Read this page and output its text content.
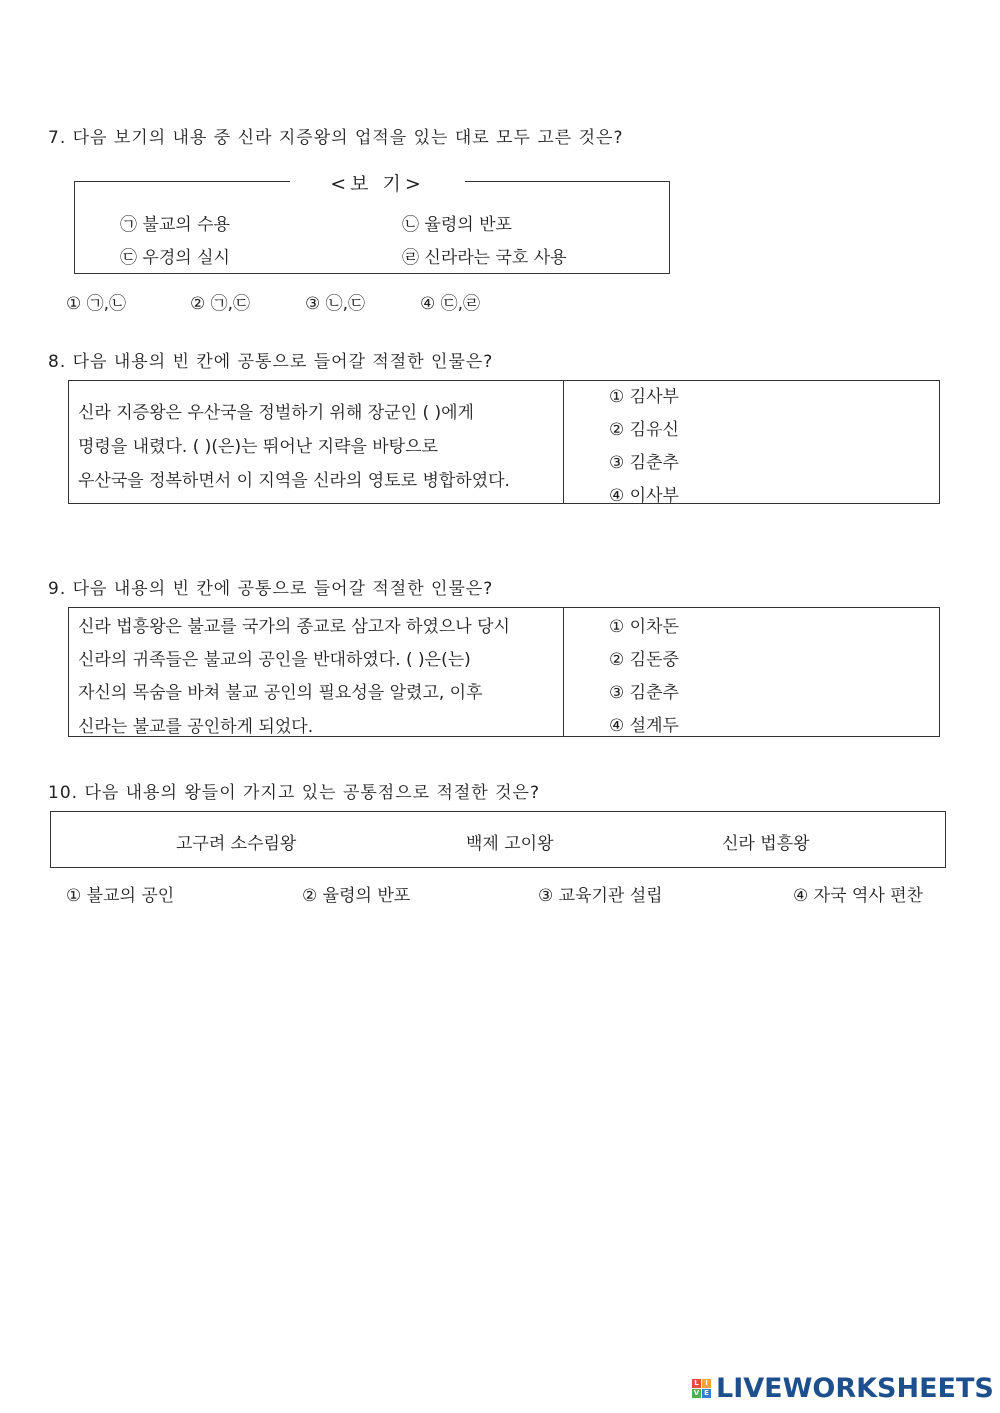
7. 다음 보기의 내용 중 신라 지증왕의 업적을 있는 대로 모두 고른 것은?
<보 기>
㉠ 불교의 수용	㉡ 율령의 반포
㉢ 우경의 실시	㉣ 신라라는 국호 사용
① ㉠,㉡	② ㉠,㉢	③ ㉡,㉢	④ ㉢,㉣
8. 다음 내용의 빈 칸에 공통으로 들어갈 적절한 인물은?
신라 지증왕은 우산국을 정벌하기 위해 장군인 ( )에게
명령을 내렸다. ( )(은)는 뛰어난 지략을 바탕으로
우산국을 정복하면서 이 지역을 신라의 영토로 병합하였다.
① 김사부
② 김유신
③ 김춘추
④ 이사부
9. 다음 내용의 빈 칸에 공통으로 들어갈 적절한 인물은?
신라 법흥왕은 불교를 국가의 종교로 삼고자 하였으나 당시
신라의 귀족들은 불교의 공인을 반대하였다. ( )은(는)
자신의 목숨을 바쳐 불교 공인의 필요성을 알렸고, 이후
신라는 불교를 공인하게 되었다.
① 이차돈
② 김돈중
③ 김춘추
④ 설계두
10. 다음 내용의 왕들이 가지고 있는 공통점으로 적절한 것은?
고구려 소수림왕	백제 고이왕	신라 법흥왕
① 불교의 공인	② 율령의 반포	③ 교육기관 설립	④ 자국 역사 편찬
L I
V E LIVEWORKSHEETS
